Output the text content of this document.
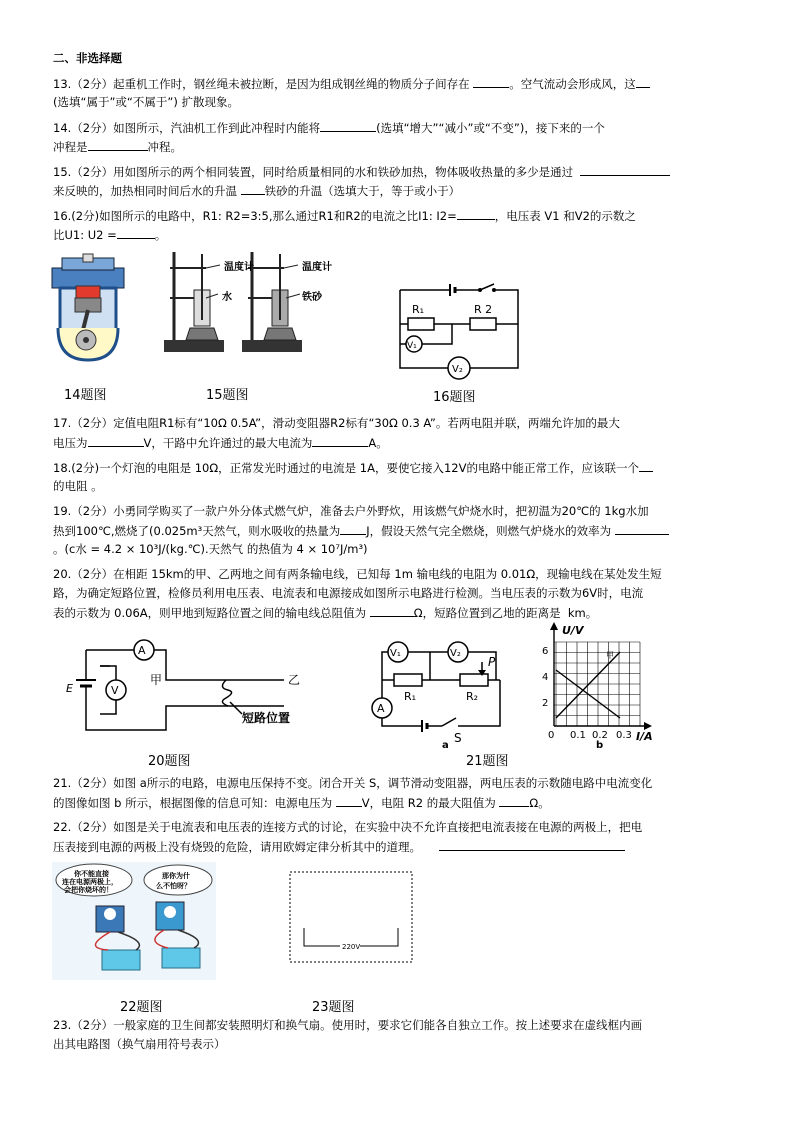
二、非选择题
13.（2分）起重机工作时，钢丝绳未被拉断，是因为组成钢丝绳的物质分子间存在	。空气流动会形成风，这
(选填“属于”或“不属于”) 扩散现象。
14.（2分）如图所示，汽油机工作到此冲程时内能将	(选填“增大”“减小”或“不变”)，接下来的一个
冲程是	冲程。
15.（2分）用如图所示的两个相同装置，同时给质量相同的水和铁砂加热，物体吸收热量的多少是通过
来反映的，加热相同时间后水的升温 铁砂的升温（选填大于，等于或小于）
16.(2分)如图所示的电路中，R1: R2=3:5,那么通过R1和R2的电流之比I1: I2=	，电压表 V1 和V2的示数之
比U1: U2 =	。
温度计
水
温度计
铁砂
R₁	R 2
V₁
V₂
14题图	15题图	16题图
17.（2分）定值电阻R1标有“10Ω 0.5A”，滑动变阻器R2标有“30Ω 0.3 A”。若两电阻并联，两端允许加的最大
电压为	V，干路中允许通过的最大电流为	A。
18.(2分)一个灯泡的电阻是 10Ω，正常发光时通过的电流是 1A，要使它接入12V的电路中能正常工作，应该联一个
的电阻 。
19.（2分）小勇同学购买了一款户外分体式燃气炉，准备去户外野炊，用该燃气炉烧水时，把初温为20℃的 1kg水加
热到100℃,燃烧了(0.025m³天然气，则水吸收的热量为 J，假设天然气完全燃烧，则燃气炉烧水的效率为
。(c水 = 4.2 × 10³J/(kg.℃).天然气 的热值为 4 × 10⁷J/m³)
20.（2分）在相距 15km的甲、乙两地之间有两条输电线，已知每 1m 输电线的电阻为 0.01Ω，现输电线在某处发生短
路，为确定短路位置，检修员利用电压表、电流表和电源接成如图所示电路进行检测。当电压表的示数为6V时，电流
表的示数为 0.06A，则甲地到短路位置之间的输电线总阻值为	Ω，短路位置到乙地的距离是 km。
A
V
E
甲	乙
短路位置
V₁	V₂
P
R₁	R₂
A
S
a
U/V
I/A
甲
6
4
2
0 0.1 0.2 0.3
b
20题图	21题图
21.（2分）如图 a所示的电路，电源电压保持不变。闭合开关 S，调节滑动变阻器，两电压表的示数随电路中电流变化
的图像如图 b 所示，根据图像的信息可知：电源电压为	V，电阻 R2 的最大阻值为	Ω。
22.（2分）如图是关于电流表和电压表的连接方式的讨论，在实验中决不允许直接把电流表接在电源的两极上，把电
压表接到电源的两极上没有烧毁的危险，请用欧姆定律分析其中的道理。
你不能直接
连在电源两极上，
会把你烧坏的！
那你为什
么不怕呀？
220V
22题图	23题图
23.（2分）一般家庭的卫生间都安装照明灯和换气扇。使用时，要求它们能各自独立工作。按上述要求在虚线框内画
出其电路图（换气扇用符号表示）
